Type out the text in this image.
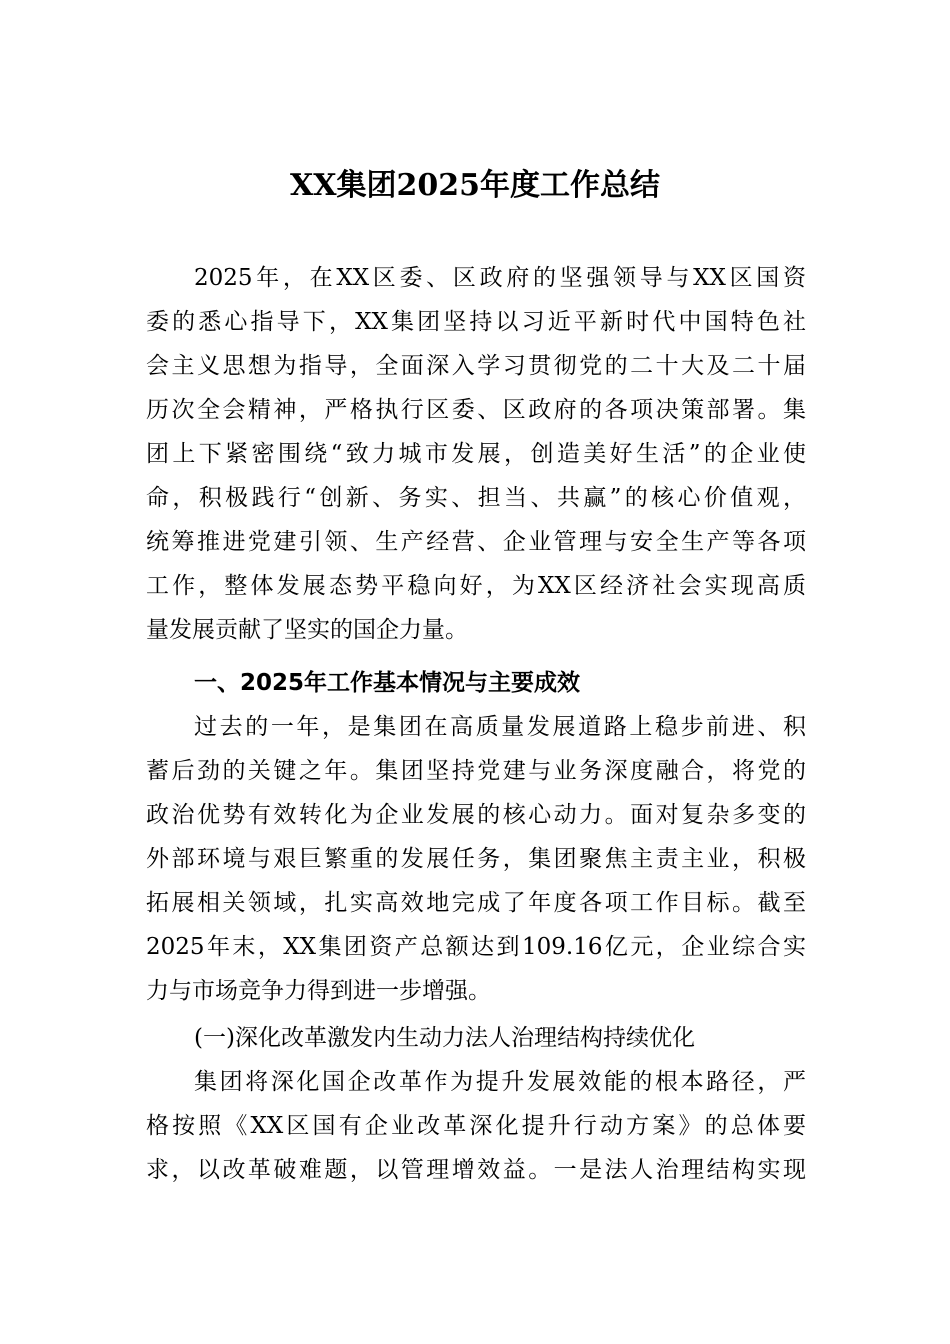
XX集团2025年度工作总结
2025年，在XX区委、区政府的坚强领导与XX区国资
委的悉心指导下，XX集团坚持以习近平新时代中国特色社
会主义思想为指导，全面深入学习贯彻党的二十大及二十届
历次全会精神，严格执行区委、区政府的各项决策部署。集
团上下紧密围绕“致力城市发展，创造美好生活”的企业使
命，积极践行“创新、务实、担当、共赢”的核心价值观，
统筹推进党建引领、生产经营、企业管理与安全生产等各项
工作，整体发展态势平稳向好，为XX区经济社会实现高质
量发展贡献了坚实的国企力量。
一、2025年工作基本情况与主要成效
过去的一年，是集团在高质量发展道路上稳步前进、积
蓄后劲的关键之年。集团坚持党建与业务深度融合，将党的
政治优势有效转化为企业发展的核心动力。面对复杂多变的
外部环境与艰巨繁重的发展任务，集团聚焦主责主业，积极
拓展相关领域，扎实高效地完成了年度各项工作目标。截至
2025年末，XX集团资产总额达到109.16亿元，企业综合实
力与市场竞争力得到进一步增强。
(一)深化改革激发内生动力法人治理结构持续优化
集团将深化国企改革作为提升发展效能的根本路径，严
格按照《XX区国有企业改革深化提升行动方案》的总体要
求，以改革破难题，以管理增效益。一是法人治理结构实现
